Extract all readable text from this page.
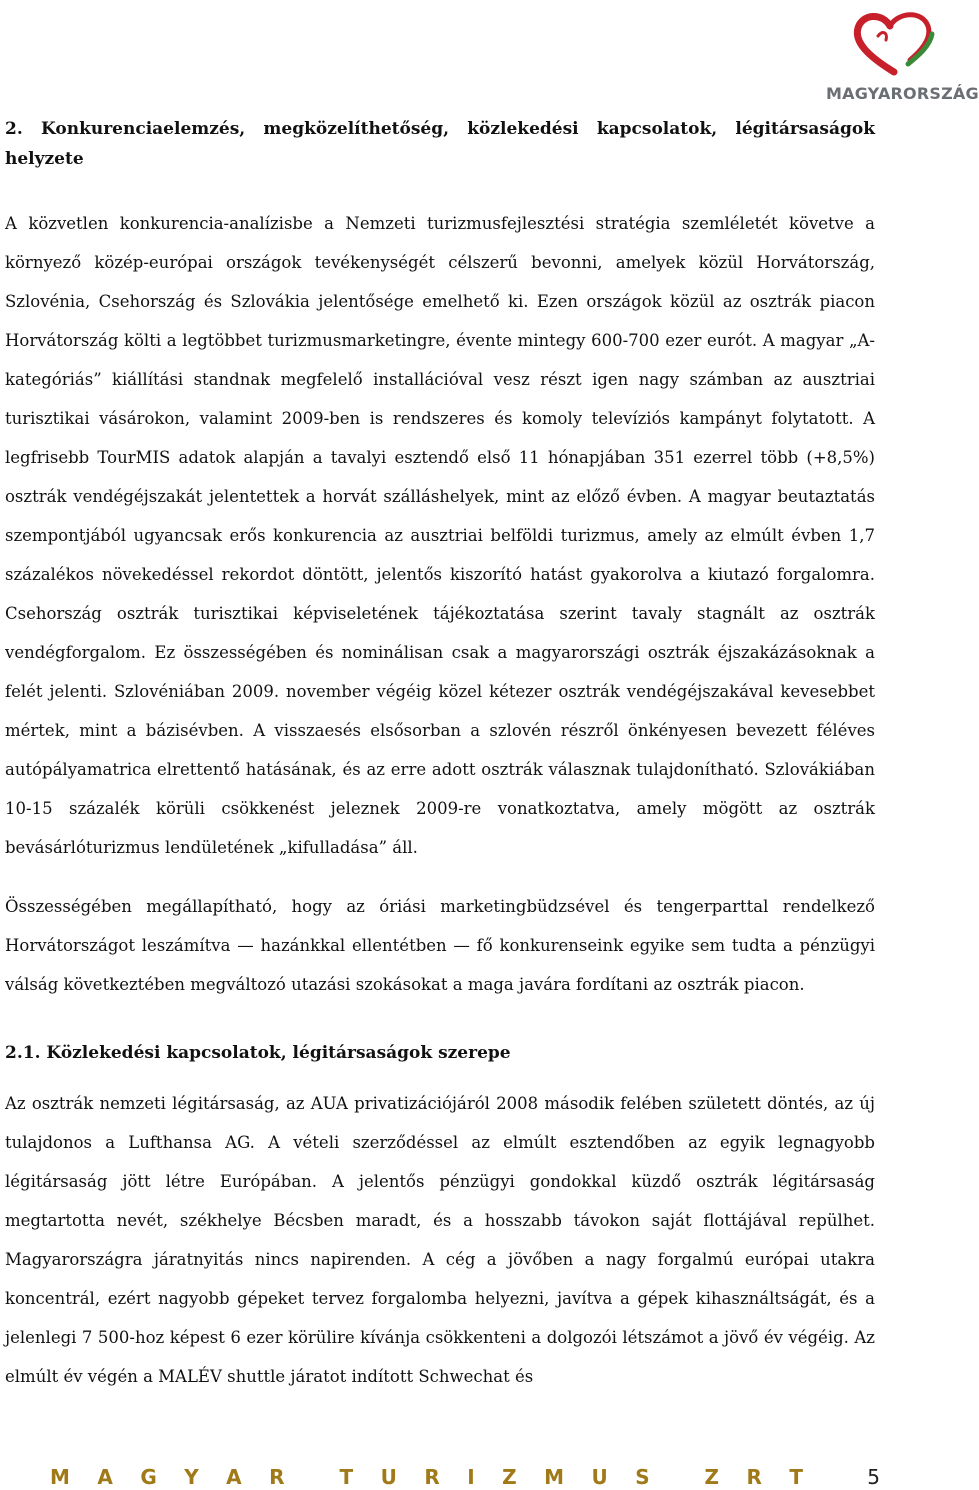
MAGYARORSZÁG
2. Konkurenciaelemzés, megközelíthetőség, közlekedési kapcsolatok, légitársaságok helyzete

A közvetlen konkurencia-analízisbe a Nemzeti turizmusfejlesztési stratégia szemléletét követve a környező közép-európai országok tevékenységét célszerű bevonni, amelyek közül Horvátország, Szlovénia, Csehország és Szlovákia jelentősége emelhető ki. Ezen országok közül az osztrák piacon Horvátország költi a legtöbbet turizmusmarketingre, évente mintegy 600-700 ezer eurót. A magyar „A-kategóriás” kiállítási standnak megfelelő installációval vesz részt igen nagy számban az ausztriai turisztikai vásárokon, valamint 2009-ben is rendszeres és komoly televíziós kampányt folytatott. A legfrisebb TourMIS adatok alapján a tavalyi esztendő első 11 hónapjában 351 ezerrel több (+8,5%) osztrák vendégéjszakát jelentettek a horvát szálláshelyek, mint az előző évben. A magyar beutaztatás szempontjából ugyancsak erős konkurencia az ausztriai belföldi turizmus, amely az elmúlt évben 1,7 százalékos növekedéssel rekordot döntött, jelentős kiszorító hatást gyakorolva a kiutazó forgalomra. Csehország osztrák turisztikai képviseletének tájékoztatása szerint tavaly stagnált az osztrák vendégforgalom. Ez összességében és nominálisan csak a magyarországi osztrák éjszakázásoknak a felét jelenti. Szlovéniában 2009. november végéig közel kétezer osztrák vendégéjszakával kevesebbet mértek, mint a bázisévben. A visszaesés elsősorban a szlovén részről önkényesen bevezett féléves autópályamatrica elrettentő hatásának, és az erre adott osztrák válasznak tulajdonítható. Szlovákiában 10-15 százalék körüli csökkenést jeleznek 2009-re vonatkoztatva, amely mögött az osztrák bevásárlóturizmus lendületének „kifulladása” áll.

Összességében megállapítható, hogy az óriási marketingbüdzsével és tengerparttal rendelkező Horvátországot leszámítva — hazánkkal ellentétben — fő konkurenseink egyike sem tudta a pénzügyi válság következtében megváltozó utazási szokásokat a maga javára fordítani az osztrák piacon.

2.1. Közlekedési kapcsolatok, légitársaságok szerepe

Az osztrák nemzeti légitársaság, az AUA privatizációjáról 2008 második felében született döntés, az új tulajdonos a Lufthansa AG. A vételi szerződéssel az elmúlt esztendőben az egyik legnagyobb légitársaság jött létre Európában. A jelentős pénzügyi gondokkal küzdő osztrák légitársaság megtartotta nevét, székhelye Bécsben maradt, és a hosszabb távokon saját flottájával repülhet. Magyarországra járatnyitás nincs napirenden. A cég a jövőben a nagy forgalmú európai utakra koncentrál, ezért nagyobb gépeket tervez forgalomba helyezni, javítva a gépek kihasználtságát, és a jelenlegi 7 500-hoz képest 6 ezer körülire kívánja csökkenteni a dolgozói létszámot a jövő év végéig. Az elmúlt év végén a MALÉV shuttle járatot indított Schwechat és

M A G Y A R	T U R I Z M U S	Z R T	5
